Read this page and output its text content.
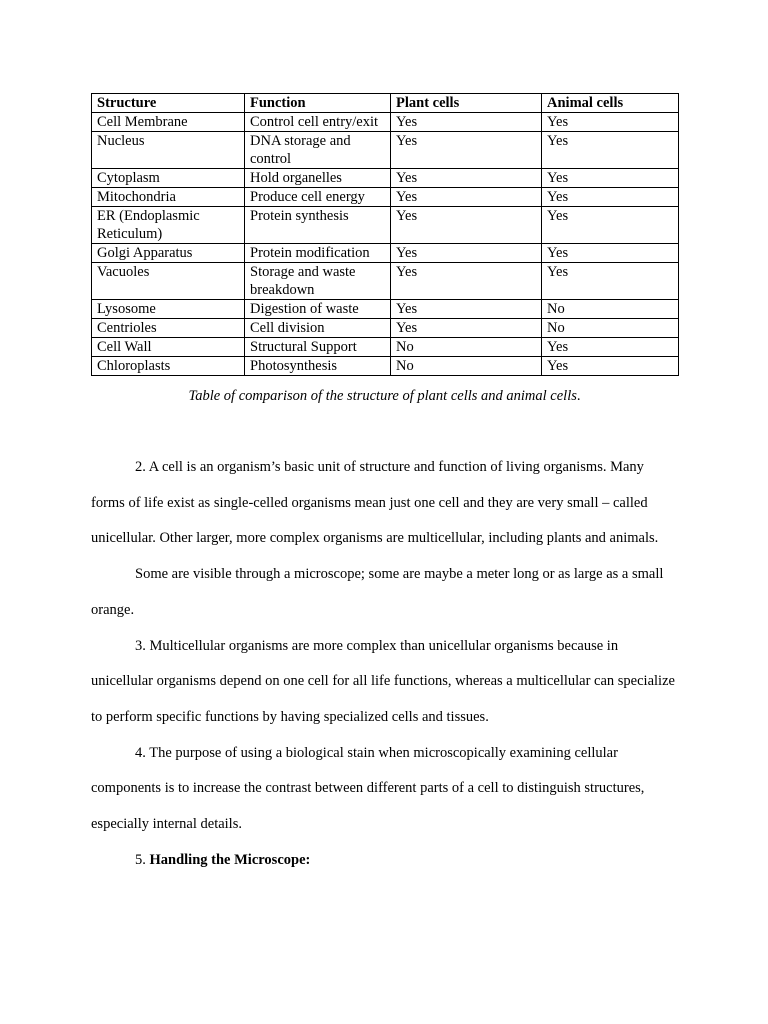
Structure	Function	Plant cells	Animal cells
Cell Membrane	Control cell entry/exit	Yes	Yes
Nucleus	DNA storage and control	Yes	Yes
Cytoplasm	Hold organelles	Yes	Yes
Mitochondria	Produce cell energy	Yes	Yes
ER (Endoplasmic Reticulum)	Protein synthesis	Yes	Yes
Golgi Apparatus	Protein modification	Yes	Yes
Vacuoles	Storage and waste breakdown	Yes	Yes
Lysosome	Digestion of waste	Yes	No
Centrioles	Cell division	Yes	No
Cell Wall	Structural Support	No	Yes
Chloroplasts	Photosynthesis	No	Yes
Table of comparison of the structure of plant cells and animal cells.

2. A cell is an organism’s basic unit of structure and function of living organisms. Many forms of life exist as single-celled organisms mean just one cell and they are very small – called unicellular. Other larger, more complex organisms are multicellular, including plants and animals.

Some are visible through a microscope; some are maybe a meter long or as large as a small orange.

3. Multicellular organisms are more complex than unicellular organisms because in unicellular organisms depend on one cell for all life functions, whereas a multicellular can specialize to perform specific functions by having specialized cells and tissues.

4. The purpose of using a biological stain when microscopically examining cellular components is to increase the contrast between different parts of a cell to distinguish structures, especially internal details.

5. Handling the Microscope:
